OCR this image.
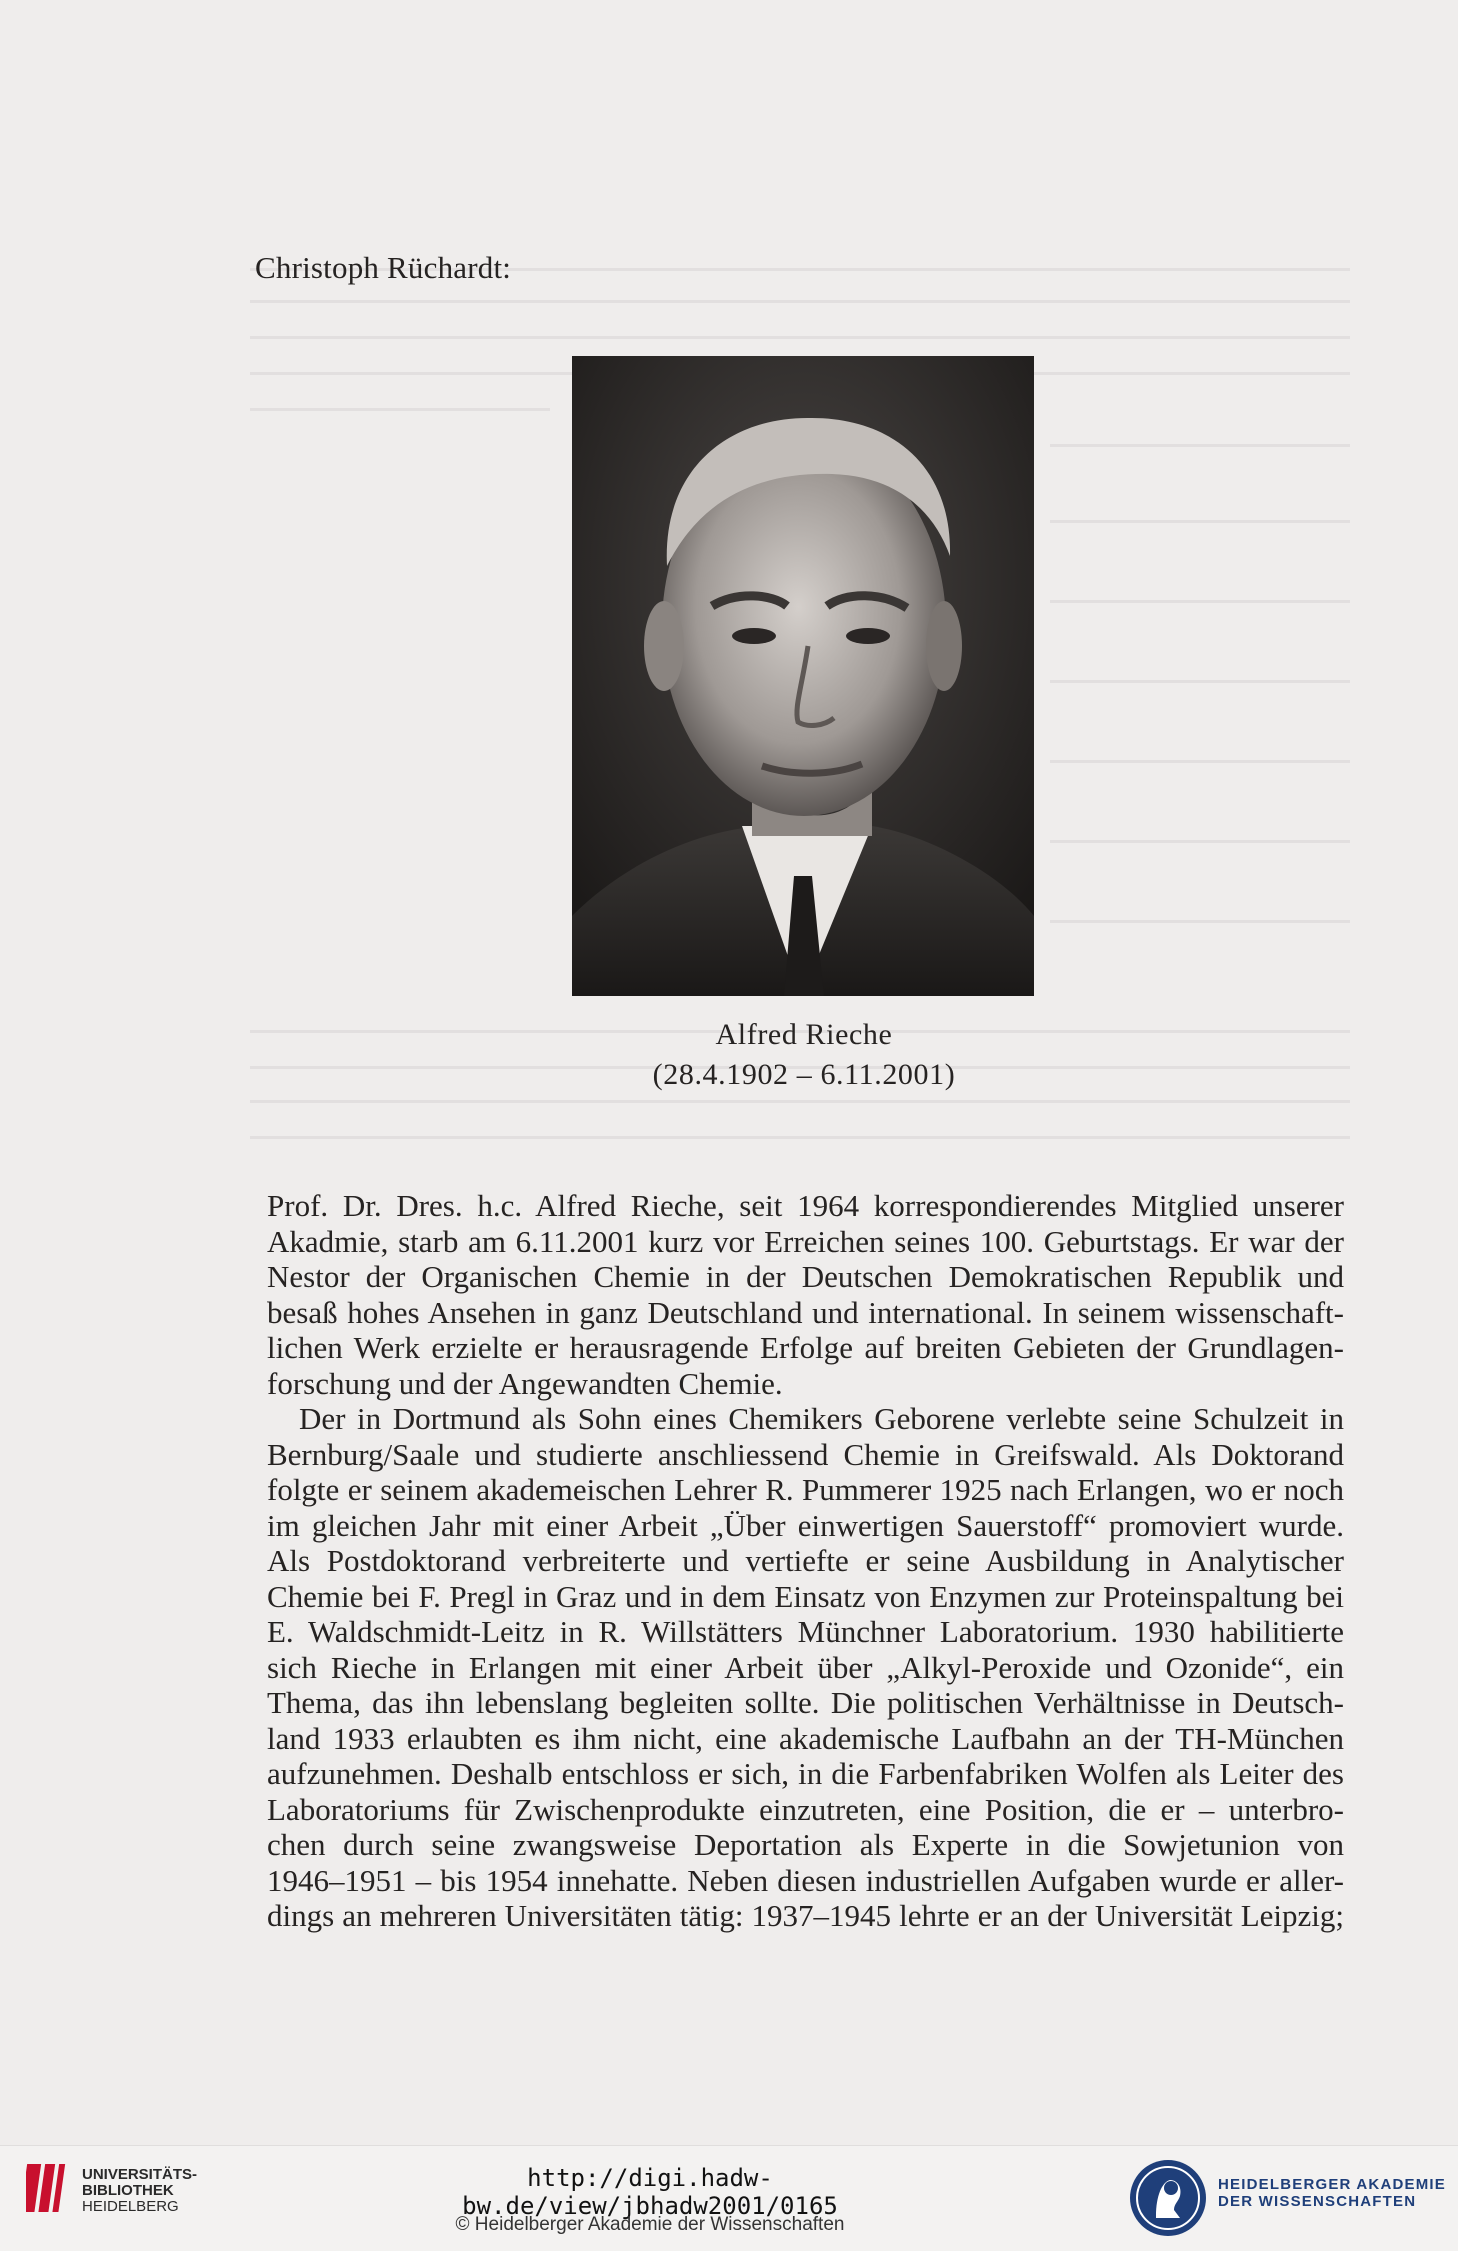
Christoph Rüchardt:
Alfred Rieche
(28.4.1902 – 6.11.2001)
Prof. Dr. Dres. h.c. Alfred Rieche, seit 1964 korrespondierendes Mitglied unserer
Akadmie, starb am 6.11.2001 kurz vor Erreichen seines 100. Geburtstags. Er war der
Nestor der Organischen Chemie in der Deutschen Demokratischen Republik und
besaß hohes Ansehen in ganz Deutschland und international. In seinem wissenschaft-
lichen Werk erzielte er herausragende Erfolge auf breiten Gebieten der Grundlagen-
forschung und der Angewandten Chemie.
Der in Dortmund als Sohn eines Chemikers Geborene verlebte seine Schulzeit in
Bernburg/Saale und studierte anschliessend Chemie in Greifswald. Als Doktorand
folgte er seinem akademeischen Lehrer R. Pummerer 1925 nach Erlangen, wo er noch
im gleichen Jahr mit einer Arbeit „Über einwertigen Sauerstoff“ promoviert wurde.
Als Postdoktorand verbreiterte und vertiefte er seine Ausbildung in Analytischer
Chemie bei F. Pregl in Graz und in dem Einsatz von Enzymen zur Proteinspaltung bei
E. Waldschmidt-Leitz in R. Willstätters Münchner Laboratorium. 1930 habilitierte
sich Rieche in Erlangen mit einer Arbeit über „Alkyl-Peroxide und Ozonide“, ein
Thema, das ihn lebenslang begleiten sollte. Die politischen Verhältnisse in Deutsch-
land 1933 erlaubten es ihm nicht, eine akademische Laufbahn an der TH-München
aufzunehmen. Deshalb entschloss er sich, in die Farbenfabriken Wolfen als Leiter des
Laboratoriums für Zwischenprodukte einzutreten, eine Position, die er – unterbro-
chen durch seine zwangsweise Deportation als Experte in die Sowjetunion von
1946–1951 – bis 1954 innehatte. Neben diesen industriellen Aufgaben wurde er aller-
dings an mehreren Universitäten tätig: 1937–1945 lehrte er an der Universität Leipzig;
UNIVERSITÄTS-
BIBLIOTHEK
HEIDELBERG
http://digi.hadw-bw.de/view/jbhadw2001/0165
© Heidelberger Akademie der Wissenschaften
HEIDELBERGER AKADEMIE
DER WISSENSCHAFTEN
